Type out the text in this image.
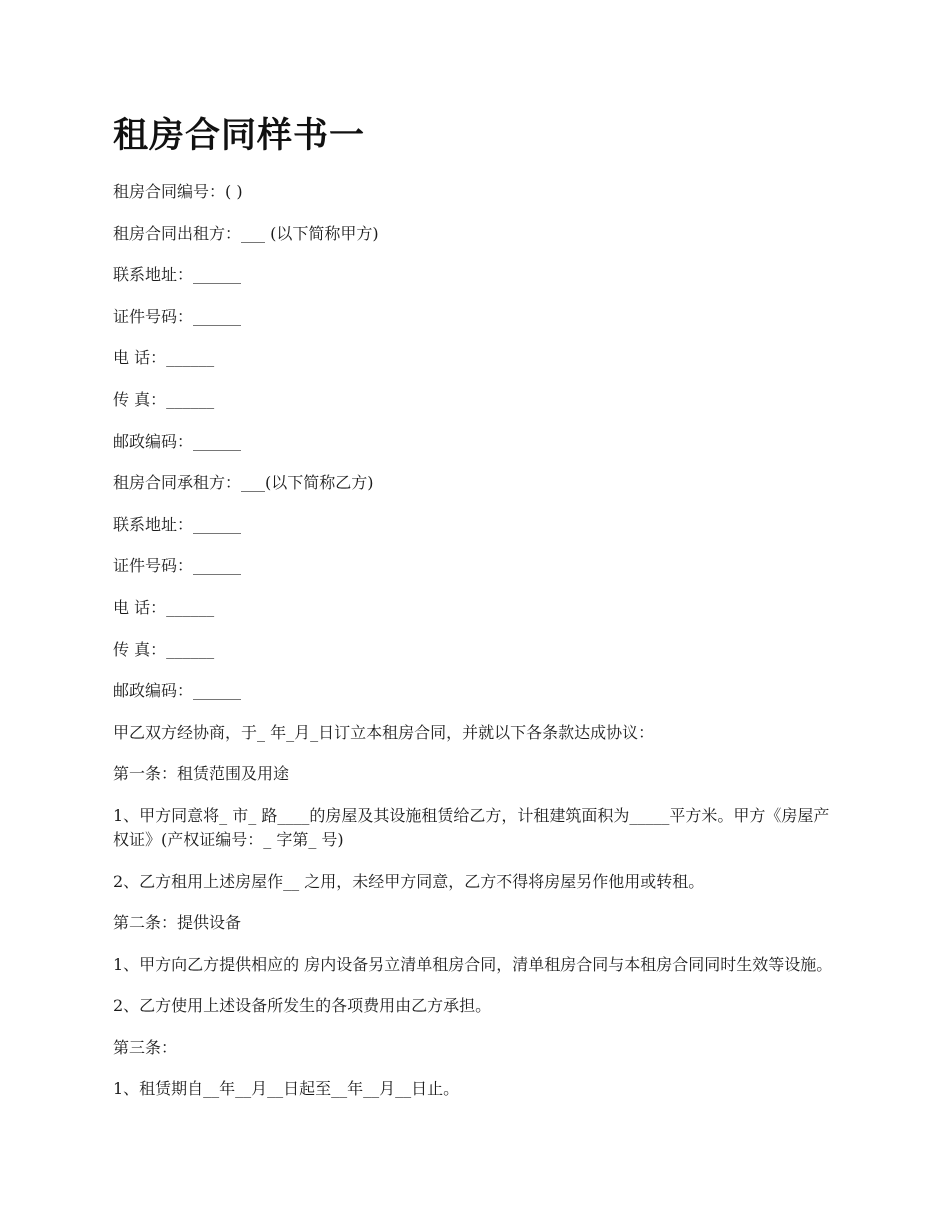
租房合同样书一

租房合同编号：( )

租房合同出租方：___ (以下简称甲方)

联系地址：______

证件号码：______

电 话：______

传 真：______

邮政编码：______

租房合同承租方：___(以下简称乙方)

联系地址：______

证件号码：______

电 话：______

传 真：______

邮政编码：______

甲乙双方经协商，于_ 年_月_日订立本租房合同，并就以下各条款达成协议：

第一条：租赁范围及用途

1、甲方同意将_ 市_ 路____的房屋及其设施租赁给乙方，计租建筑面积为_____平方米。甲方《房屋产权证》(产权证编号：_ 字第_ 号)

2、乙方租用上述房屋作__ 之用，未经甲方同意，乙方不得将房屋另作他用或转租。

第二条：提供设备

1、甲方向乙方提供相应的 房内设备另立清单租房合同，清单租房合同与本租房合同同时生效等设施。

2、乙方使用上述设备所发生的各项费用由乙方承担。

第三条：

1、租赁期自__年__月__日起至__年__月__日止。
